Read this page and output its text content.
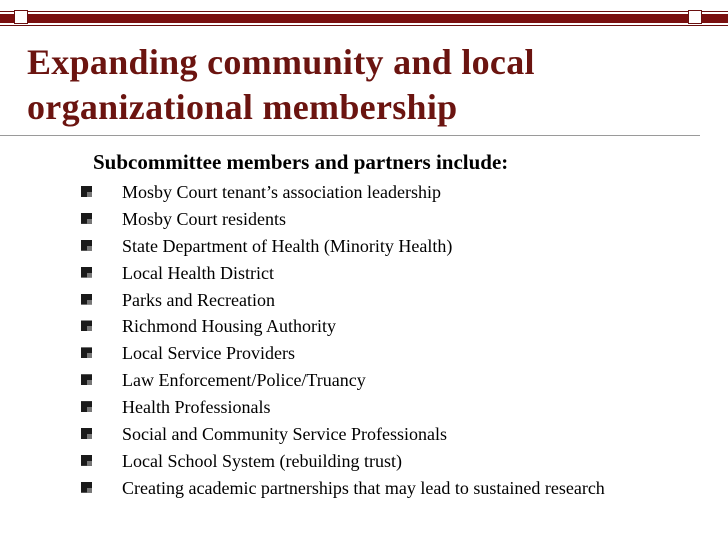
Expanding community and local organizational membership
Subcommittee members and partners include:
Mosby Court tenant’s association leadership
Mosby Court residents
State Department of Health (Minority Health)
Local Health District
Parks and Recreation
Richmond Housing Authority
Local Service Providers
Law Enforcement/Police/Truancy
Health Professionals
Social and Community Service Professionals
Local School System (rebuilding trust)
Creating academic partnerships that may lead to sustained research
